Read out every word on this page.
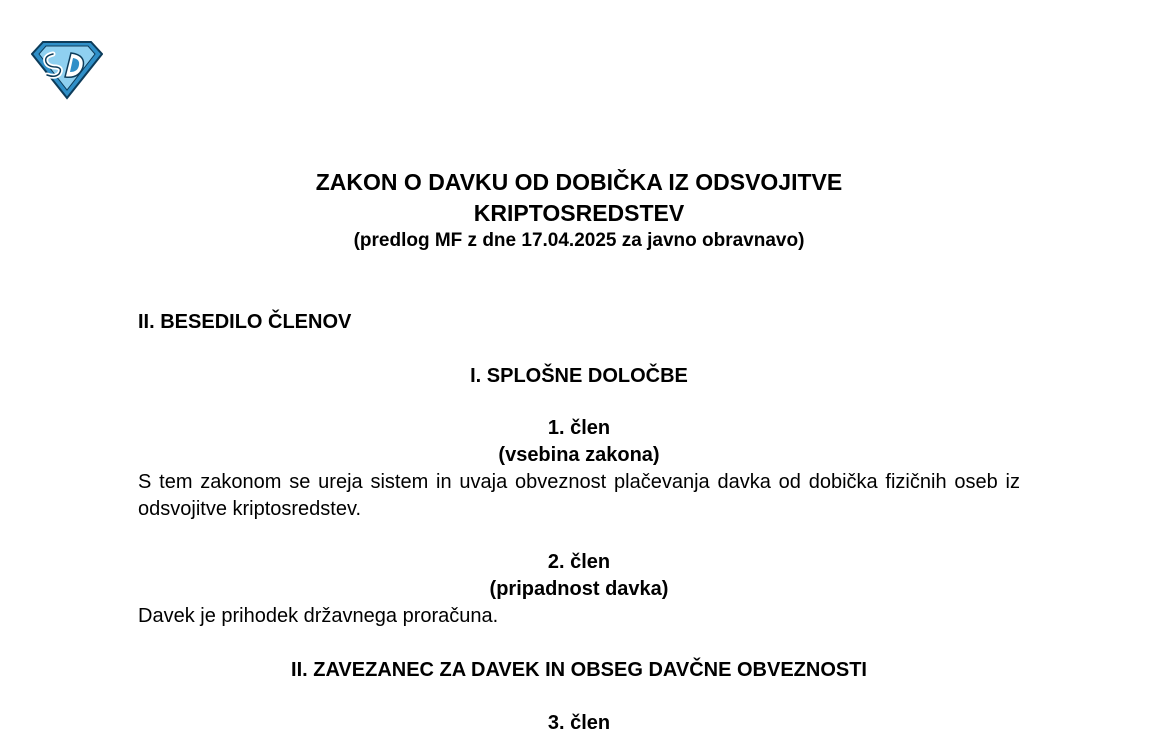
ZAKON O DAVKU OD DOBIČKA IZ ODSVOJITVE
KRIPTOSREDSTEV
(predlog MF z dne 17.04.2025 za javno obravnavo)
II. BESEDILO ČLENOV
I. SPLOŠNE DOLOČBE
1. člen
(vsebina zakona)
S tem zakonom se ureja sistem in uvaja obveznost plačevanja davka od dobička fizičnih oseb iz odsvojitve kriptosredstev.
2. člen
(pripadnost davka)
Davek je prihodek državnega proračuna.
II. ZAVEZANEC ZA DAVEK IN OBSEG DAVČNE OBVEZNOSTI
3. člen
